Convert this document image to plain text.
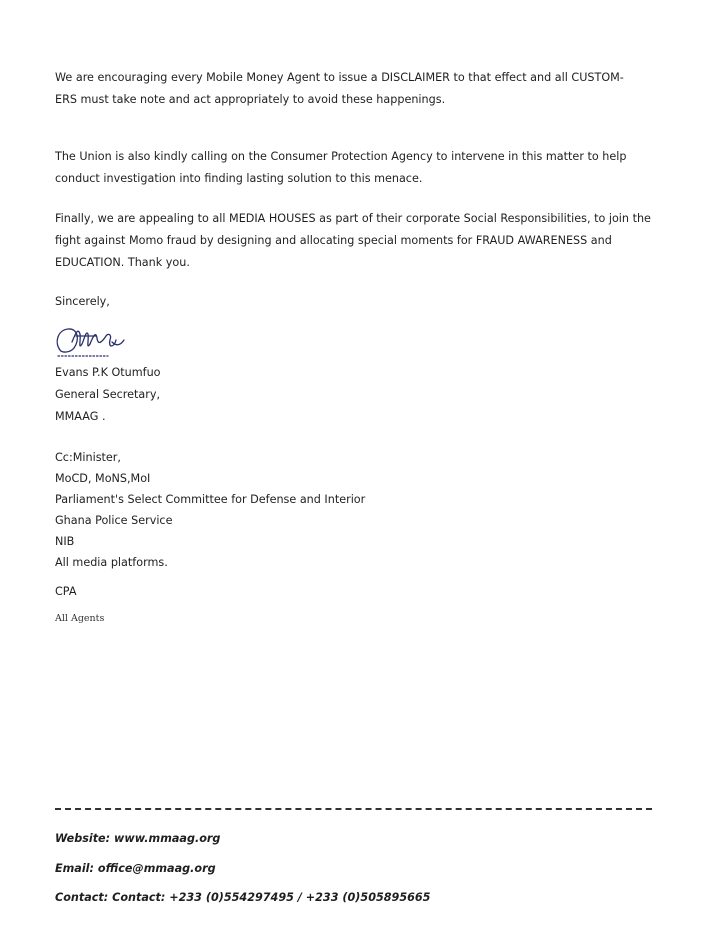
We are encouraging every Mobile Money Agent to issue a DISCLAIMER to that effect and all CUSTOM-

ERS must take note and act appropriately to avoid these happenings.

The Union is also kindly calling on the Consumer Protection Agency to intervene in this matter to help conduct investigation into finding lasting solution to this menace.

Finally, we are appealing to all MEDIA HOUSES as part of their corporate Social Responsibilities, to join the fight against Momo fraud by designing and allocating special moments for FRAUD AWARENESS and EDUCATION. Thank you.

Sincerely,

Evans P.K Otumfuo

General Secretary,

MMAAG .

Cc:Minister,

MoCD, MoNS,MoI

Parliament's Select Committee for Defense and Interior

Ghana Police Service

NIB

All media platforms.

CPA

All Agents
Website: www.mmaag.org
Email: office@mmaag.org
Contact: Contact: +233 (0)554297495 / +233 (0)505895665
